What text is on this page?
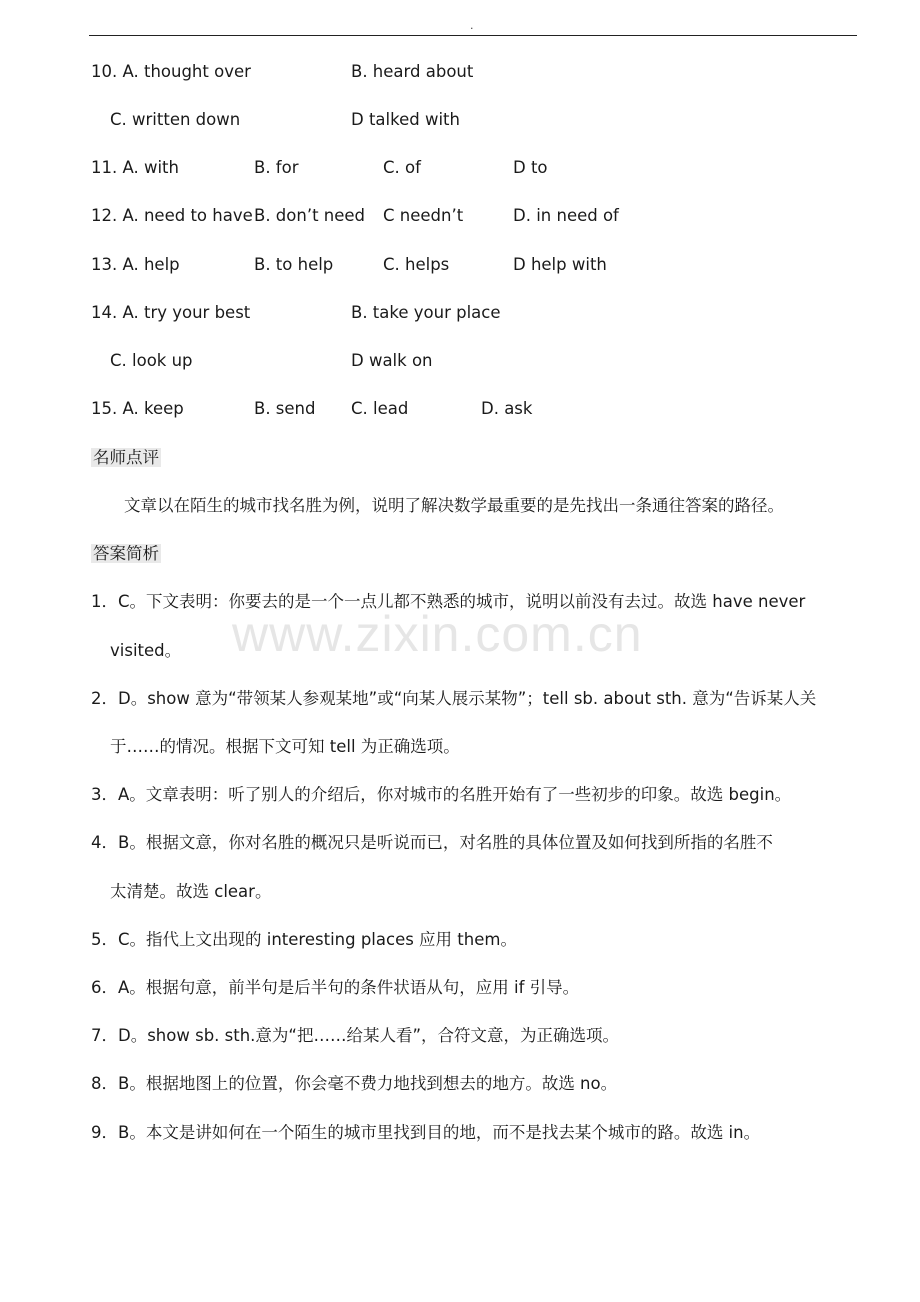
.
10. A. thought over	B. heard about
C. written down	D talked with
11. A. with	B. for	C. of	D to
12. A. need to have B. don’t need C needn’t	D. in need of
13. A. help	B. to help	C. helps	D help with
14. A. try your best	B. take your place
C. look up	D walk on
15. A. keep	B. send C. lead	D. ask
名师点评
文章以在陌生的城市找名胜为例，说明了解决数学最重要的是先找出一条通往答案的路径。
答案简析
1．C。下文表明：你要去的是一个一点儿都不熟悉的城市，说明以前没有去过。故选 have never
visited。
2．D。show 意为“带领某人参观某地”或“向某人展示某物”；tell sb. about sth. 意为“告诉某人关
于……的情况。根据下文可知 tell 为正确选项。
3．A。文章表明：听了别人的介绍后，你对城市的名胜开始有了一些初步的印象。故选 begin。
4．B。根据文意，你对名胜的概况只是听说而已，对名胜的具体位置及如何找到所指的名胜不
太清楚。故选 clear。
5．C。指代上文出现的 interesting places 应用 them。
6．A。根据句意，前半句是后半句的条件状语从句，应用 if 引导。
7．D。show sb. sth.意为“把……给某人看”，合符文意，为正确选项。
8．B。根据地图上的位置，你会毫不费力地找到想去的地方。故选 no。
9．B。本文是讲如何在一个陌生的城市里找到目的地，而不是找去某个城市的路。故选 in。
www.zixin.com.cn
